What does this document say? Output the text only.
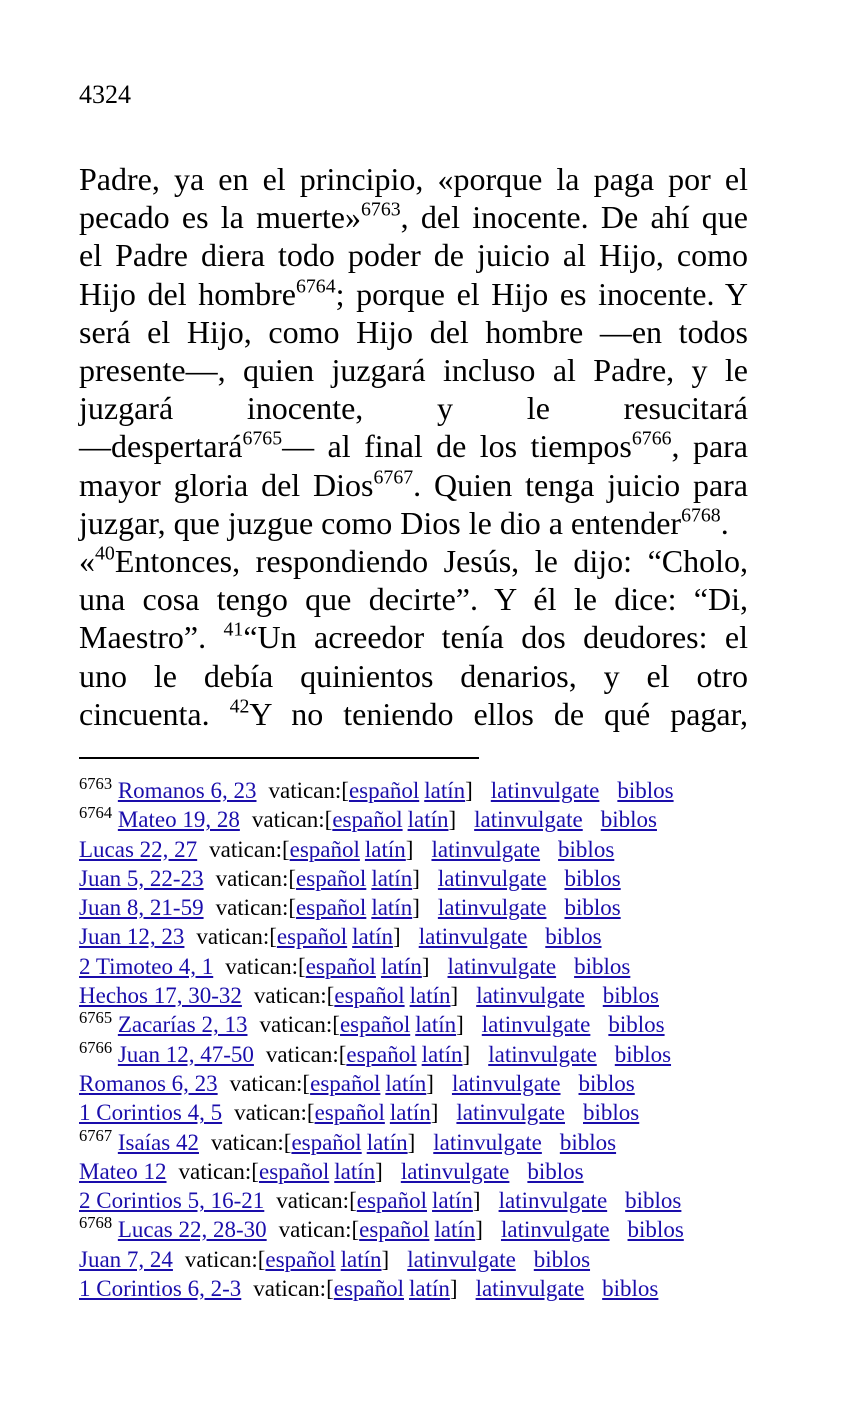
4324
Padre, ya en el principio, «porque la paga por el
pecado es la muerte»$^{6763}$, del inocente. De ahí que
el Padre diera todo poder de juicio al Hijo, como
Hijo del hombre$^{6764}$; porque el Hijo es inocente. Y
será el Hijo, como Hijo del hombre —en todos
presente—, quien juzgará incluso al Padre, y le
juzgará inocente, y le resucitará
—despertará$^{6765}$— al final de los tiempos$^{6766}$, para
mayor gloria del Dios$^{6767}$. Quien tenga juicio para
juzgar, que juzgue como Dios le dio a entender$^{6768}$.
«$^{40}$Entonces, respondiendo Jesús, le dijo: “Cholo,
una cosa tengo que decirte”. Y él le dice: “Di,
Maestro”. $^{41}$“Un acreedor tenía dos deudores: el
uno le debía quinientos denarios, y el otro
cincuenta. $^{42}$Y no teniendo ellos de qué pagar,
$^{6763}$ Romanos 6, 23 vatican:[español latín] latinvulgate biblos
$^{6764}$ Mateo 19, 28 vatican:[español latín] latinvulgate biblos
Lucas 22, 27 vatican:[español latín] latinvulgate biblos
Juan 5, 22-23 vatican:[español latín] latinvulgate biblos
Juan 8, 21-59 vatican:[español latín] latinvulgate biblos
Juan 12, 23 vatican:[español latín] latinvulgate biblos
2 Timoteo 4, 1 vatican:[español latín] latinvulgate biblos
Hechos 17, 30-32 vatican:[español latín] latinvulgate biblos
$^{6765}$ Zacarías 2, 13 vatican:[español latín] latinvulgate biblos
$^{6766}$ Juan 12, 47-50 vatican:[español latín] latinvulgate biblos
Romanos 6, 23 vatican:[español latín] latinvulgate biblos
1 Corintios 4, 5 vatican:[español latín] latinvulgate biblos
$^{6767}$ Isaías 42 vatican:[español latín] latinvulgate biblos
Mateo 12 vatican:[español latín] latinvulgate biblos
2 Corintios 5, 16-21 vatican:[español latín] latinvulgate biblos
$^{6768}$ Lucas 22, 28-30 vatican:[español latín] latinvulgate biblos
Juan 7, 24 vatican:[español latín] latinvulgate biblos
1 Corintios 6, 2-3 vatican:[español latín] latinvulgate biblos
